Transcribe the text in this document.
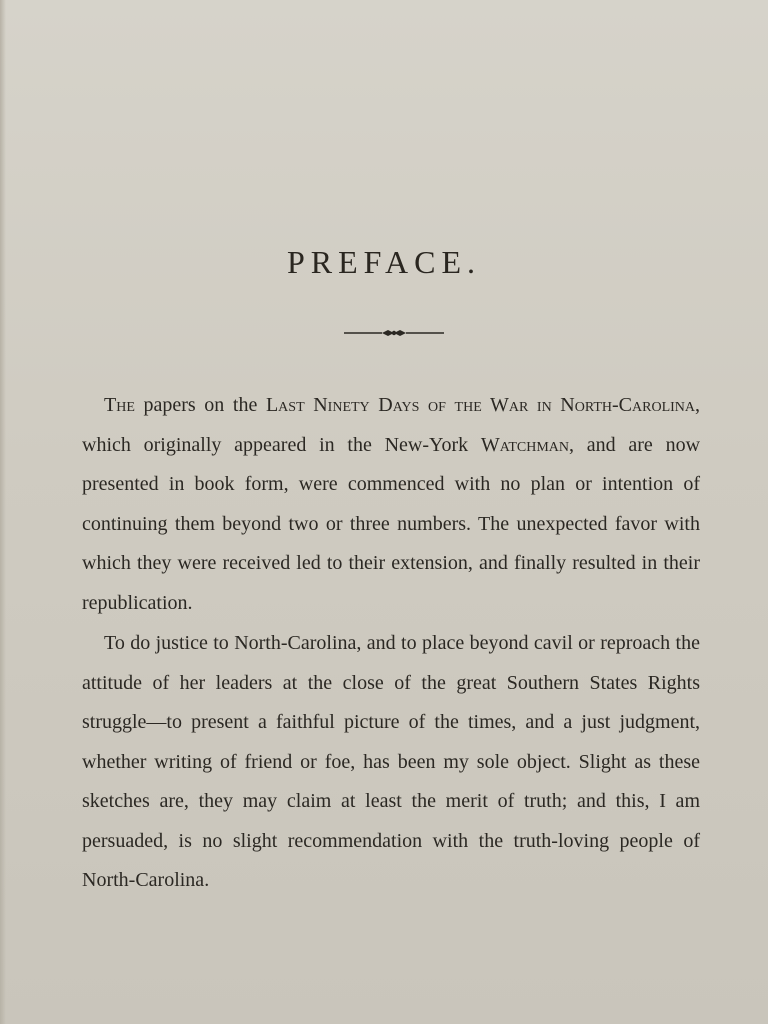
PREFACE.

The papers on the Last Ninety Days of the War in North-Carolina, which originally appeared in the New-York Watchman, and are now presented in book form, were commenced with no plan or intention of continuing them beyond two or three numbers. The unexpected favor with which they were received led to their extension, and finally resulted in their republication.

To do justice to North-Carolina, and to place beyond cavil or reproach the attitude of her leaders at the close of the great Southern States Rights struggle—to present a faithful picture of the times, and a just judgment, whether writing of friend or foe, has been my sole object. Slight as these sketches are, they may claim at least the merit of truth; and this, I am persuaded, is no slight recommendation with the truth-loving people of North-Carolina.
